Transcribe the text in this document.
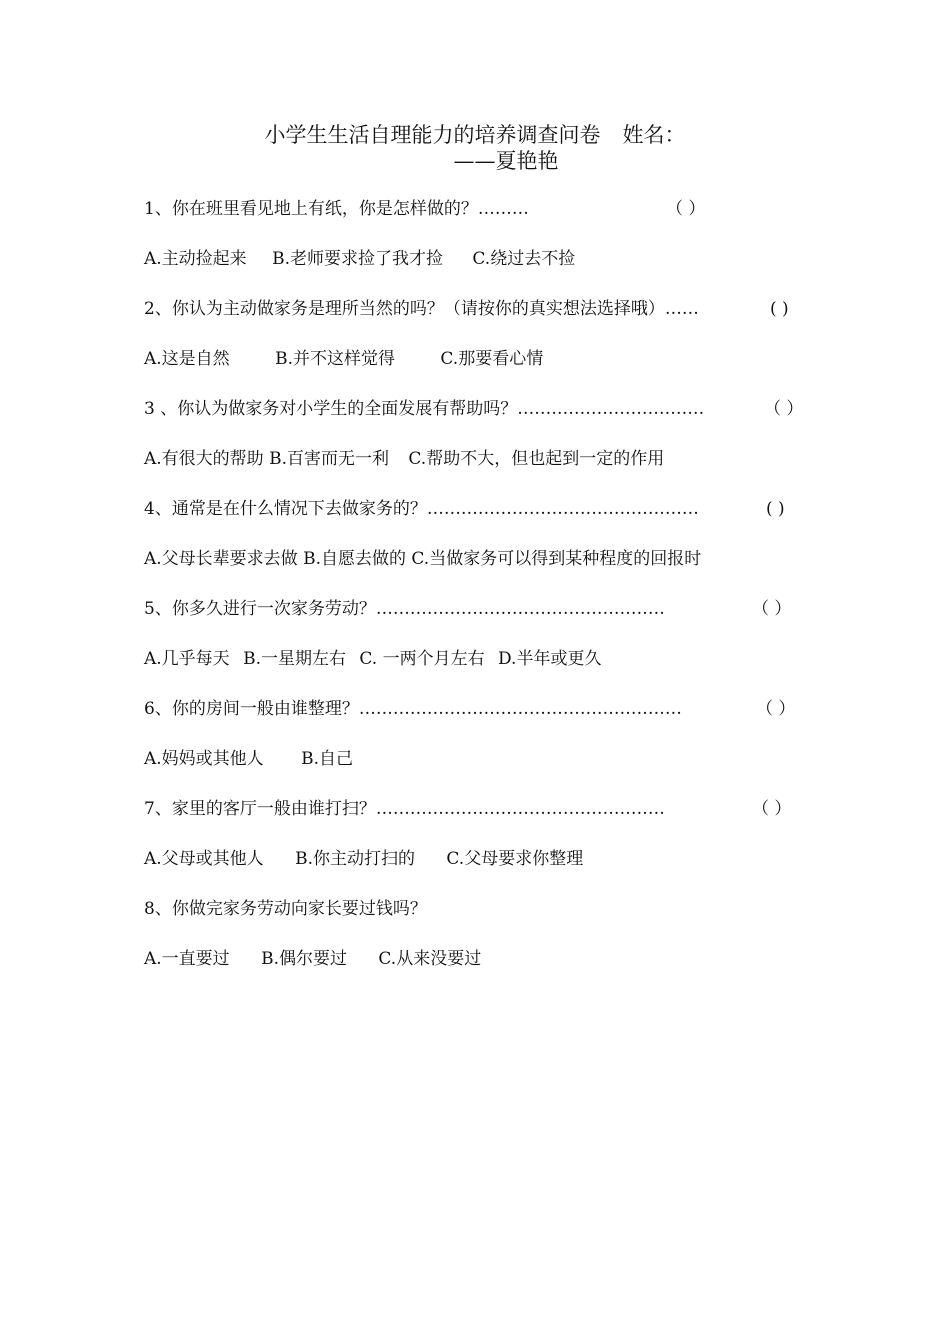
小学生生活自理能力的培养调查问卷 姓名：
——夏艳艳
1、你在班里看见地上有纸，你是怎样做的？………	（ ）
A.主动捡起来 B.老师要求捡了我才捡 C.绕过去不捡
2、你认为主动做家务是理所当然的吗？（请按你的真实想法选择哦）……	( )
A.这是自然	B.并不这样觉得	C.那要看心情
3 、你认为做家务对小学生的全面发展有帮助吗？……………………………	（ ）
A.有很大的帮助 B.百害而无一利 C.帮助不大，但也起到一定的作用
4、通常是在什么情况下去做家务的？…………………………………………	( )
A.父母长辈要求去做 B.自愿去做的 C.当做家务可以得到某种程度的回报时
5、你多久进行一次家务劳动？……………………………………………	（ ）
A.几乎每天 B.一星期左右 C. 一两个月左右 D.半年或更久
6、你的房间一般由谁整理？…………………………………………………	（ ）
A.妈妈或其他人 B.自己
7、家里的客厅一般由谁打扫？……………………………………………	（ ）
A.父母或其他人 B.你主动打扫的 C.父母要求你整理
8、你做完家务劳动向家长要过钱吗？
A.一直要过 B.偶尔要过 C.从来没要过
